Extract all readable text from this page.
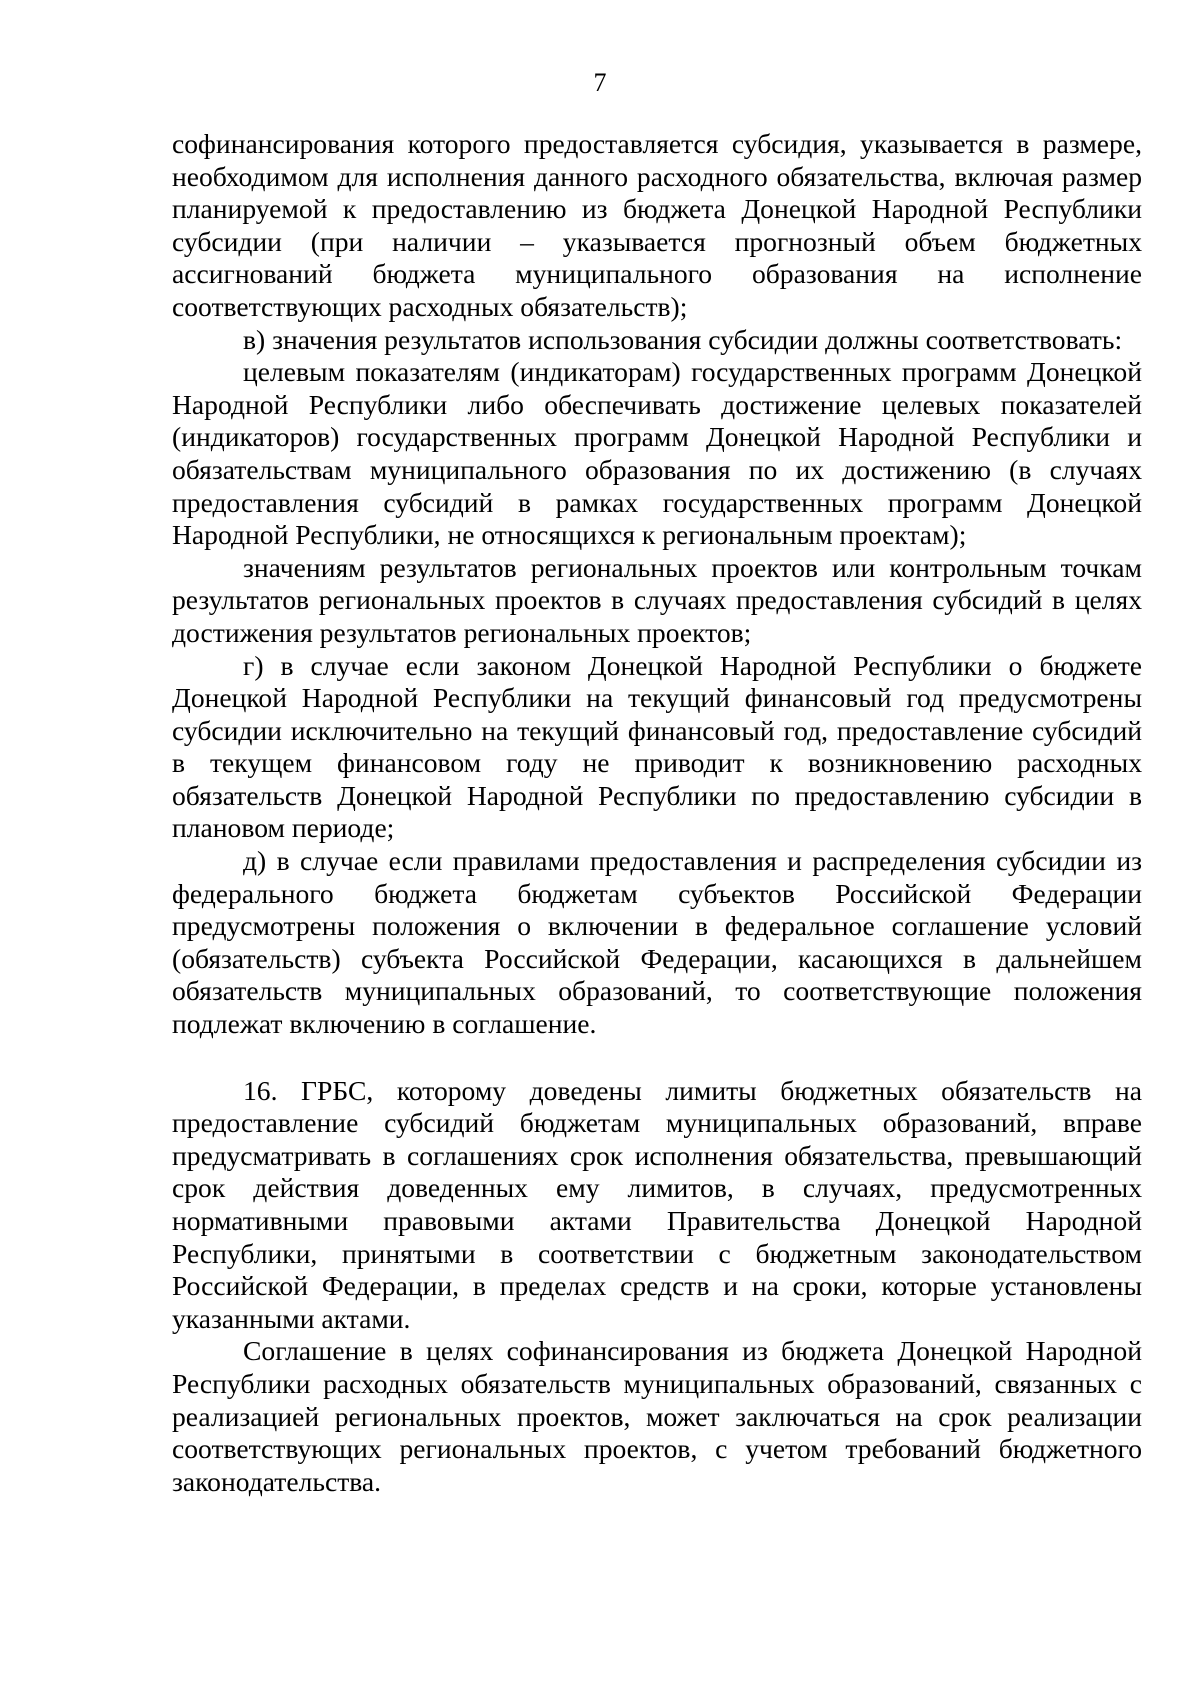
7

софинансирования которого предоставляется субсидия, указывается в размере, необходимом для исполнения данного расходного обязательства, включая размер планируемой к предоставлению из бюджета Донецкой Народной Республики субсидии (при наличии – указывается прогнозный объем бюджетных ассигнований бюджета муниципального образования на исполнение соответствующих расходных обязательств);

в) значения результатов использования субсидии должны соответствовать:

целевым показателям (индикаторам) государственных программ Донецкой Народной Республики либо обеспечивать достижение целевых показателей (индикаторов) государственных программ Донецкой Народной Республики и обязательствам муниципального образования по их достижению (в случаях предоставления субсидий в рамках государственных программ Донецкой Народной Республики, не относящихся к региональным проектам);

значениям результатов региональных проектов или контрольным точкам результатов региональных проектов в случаях предоставления субсидий в целях достижения результатов региональных проектов;

г) в случае если законом Донецкой Народной Республики о бюджете Донецкой Народной Республики на текущий финансовый год предусмотрены субсидии исключительно на текущий финансовый год, предоставление субсидий в текущем финансовом году не приводит к возникновению расходных обязательств Донецкой Народной Республики по предоставлению субсидии в плановом периоде;

д) в случае если правилами предоставления и распределения субсидии из федерального бюджета бюджетам субъектов Российской Федерации предусмотрены положения о включении в федеральное соглашение условий (обязательств) субъекта Российской Федерации, касающихся в дальнейшем обязательств муниципальных образований, то соответствующие положения подлежат включению в соглашение.

16. ГРБС, которому доведены лимиты бюджетных обязательств на предоставление субсидий бюджетам муниципальных образований, вправе предусматривать в соглашениях срок исполнения обязательства, превышающий срок действия доведенных ему лимитов, в случаях, предусмотренных нормативными правовыми актами Правительства Донецкой Народной Республики, принятыми в соответствии с бюджетным законодательством Российской Федерации, в пределах средств и на сроки, которые установлены указанными актами.

Соглашение в целях софинансирования из бюджета Донецкой Народной Республики расходных обязательств муниципальных образований, связанных с реализацией региональных проектов, может заключаться на срок реализации соответствующих региональных проектов, с учетом требований бюджетного законодательства.
